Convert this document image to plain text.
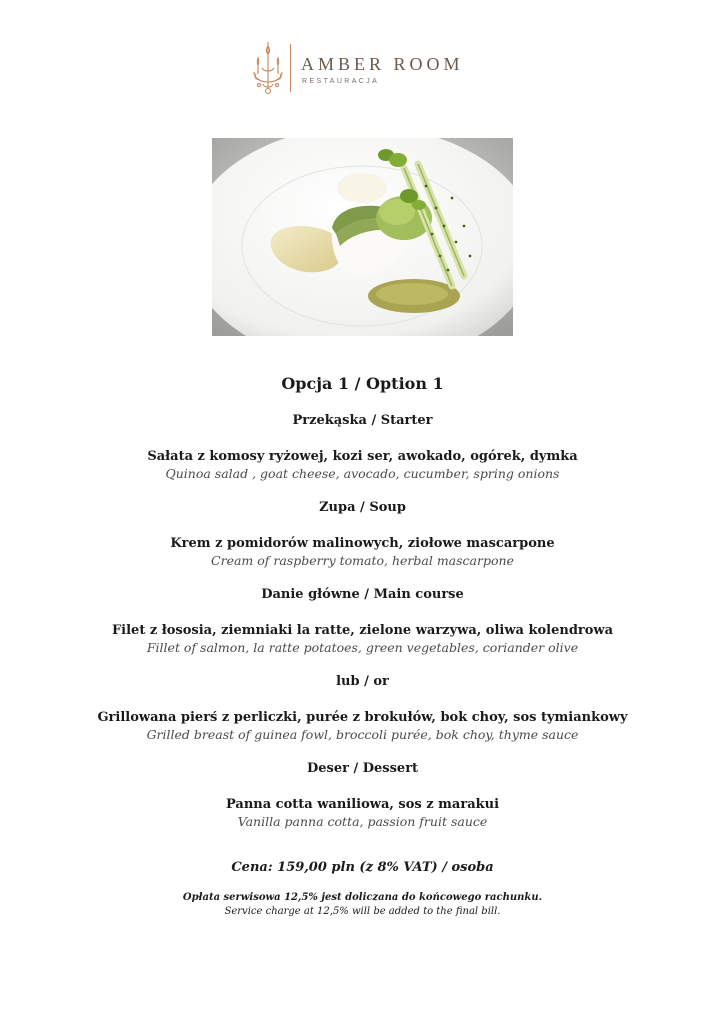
AMBER ROOM
RESTAURACJA
Opcja 1 / Option 1
Przekąska / Starter
Sałata z komosy ryżowej, kozi ser, awokado, ogórek, dymka
Quinoa salad , goat cheese, avocado, cucumber, spring onions
Zupa / Soup
Krem z pomidorów malinowych, ziołowe mascarpone
Cream of raspberry tomato, herbal mascarpone
Danie główne / Main course
Filet z łososia, ziemniaki la ratte, zielone warzywa, oliwa kolendrowa
Fillet of salmon, la ratte potatoes, green vegetables, coriander olive
lub / or
Grillowana pierś z perliczki, purée z brokułów, bok choy, sos tymiankowy
Grilled breast of guinea fowl, broccoli purée, bok choy, thyme sauce
Deser / Dessert
Panna cotta waniliowa, sos z marakui
Vanilla panna cotta, passion fruit sauce
Cena: 159,00 pln (z 8% VAT) / osoba
Opłata serwisowa 12,5% jest doliczana do końcowego rachunku.
Service charge at 12,5% will be added to the final bill.
